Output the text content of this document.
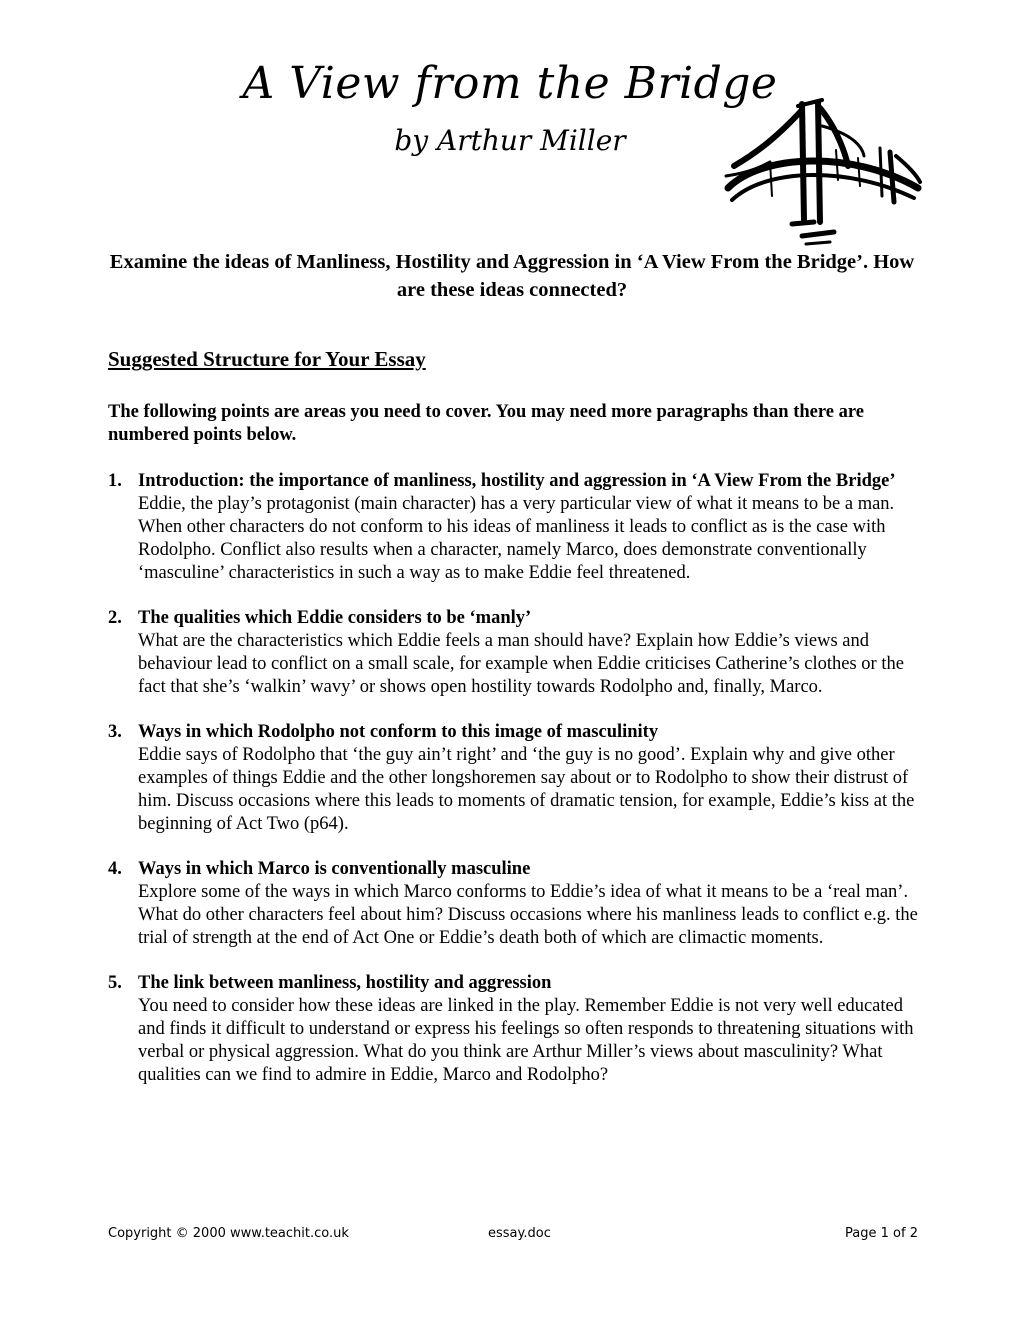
A View from the Bridge

by Arthur Miller

Examine the ideas of Manliness, Hostility and Aggression in ‘A View From the Bridge’. How are these ideas connected?

Suggested Structure for Your Essay

The following points are areas you need to cover. You may need more paragraphs than there are numbered points below.

1. Introduction: the importance of manliness, hostility and aggression in ‘A View From the Bridge’

Eddie, the play’s protagonist (main character) has a very particular view of what it means to be a man. When other characters do not conform to his ideas of manliness it leads to conflict as is the case with Rodolpho. Conflict also results when a character, namely Marco, does demonstrate conventionally ‘masculine’ characteristics in such a way as to make Eddie feel threatened.

2. The qualities which Eddie considers to be ‘manly’

What are the characteristics which Eddie feels a man should have? Explain how Eddie’s views and behaviour lead to conflict on a small scale, for example when Eddie criticises Catherine’s clothes or the fact that she’s ‘walkin’ wavy’ or shows open hostility towards Rodolpho and, finally, Marco.

3. Ways in which Rodolpho not conform to this image of masculinity

Eddie says of Rodolpho that ‘the guy ain’t right’ and ‘the guy is no good’. Explain why and give other examples of things Eddie and the other longshoremen say about or to Rodolpho to show their distrust of him. Discuss occasions where this leads to moments of dramatic tension, for example, Eddie’s kiss at the beginning of Act Two (p64).

4. Ways in which Marco is conventionally masculine

Explore some of the ways in which Marco conforms to Eddie’s idea of what it means to be a ‘real man’. What do other characters feel about him? Discuss occasions where his manliness leads to conflict e.g. the trial of strength at the end of Act One or Eddie’s death both of which are climactic moments.

5. The link between manliness, hostility and aggression

You need to consider how these ideas are linked in the play. Remember Eddie is not very well educated and finds it difficult to understand or express his feelings so often responds to threatening situations with verbal or physical aggression. What do you think are Arthur Miller’s views about masculinity? What qualities can we find to admire in Eddie, Marco and Rodolpho?

Copyright © 2000 www.teachit.co.uk	essay.doc	Page 1 of 2
